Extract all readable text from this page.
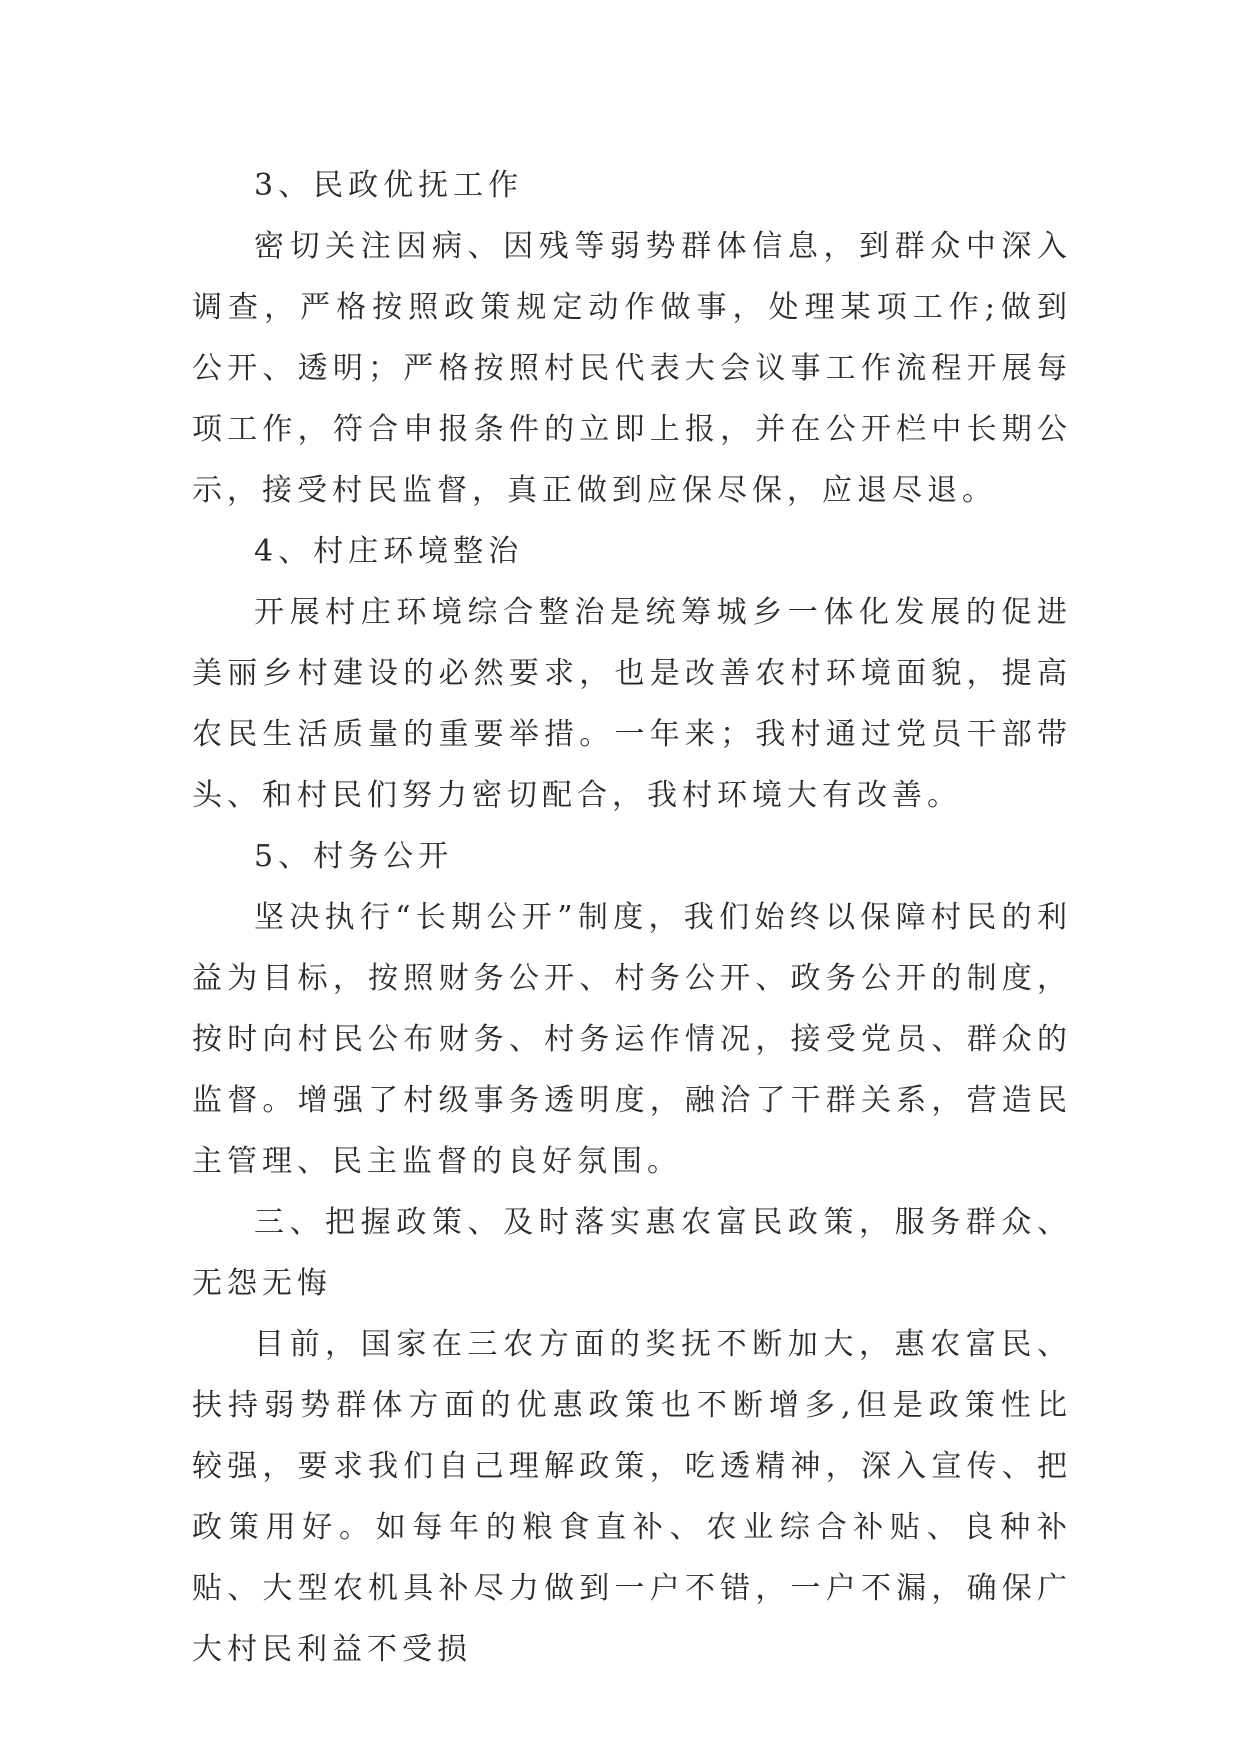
3、民政优抚工作

密切关注因病、因残等弱势群体信息，到群众中深入调查，严格按照政策规定动作做事，处理某项工作;做到公开、透明；严格按照村民代表大会议事工作流程开展每项工作，符合申报条件的立即上报，并在公开栏中长期公示，接受村民监督，真正做到应保尽保，应退尽退。

4、村庄环境整治

开展村庄环境综合整治是统筹城乡一体化发展的促进美丽乡村建设的必然要求，也是改善农村环境面貌，提高农民生活质量的重要举措。一年来；我村通过党员干部带头、和村民们努力密切配合，我村环境大有改善。

5、村务公开

坚决执行“长期公开”制度，我们始终以保障村民的利益为目标，按照财务公开、村务公开、政务公开的制度，按时向村民公布财务、村务运作情况，接受党员、群众的监督。增强了村级事务透明度，融洽了干群关系，营造民主管理、民主监督的良好氛围。

三、把握政策、及时落实惠农富民政策，服务群众、无怨无悔

目前，国家在三农方面的奖抚不断加大，惠农富民、扶持弱势群体方面的优惠政策也不断增多,但是政策性比较强，要求我们自己理解政策，吃透精神，深入宣传、把政策用好。如每年的粮食直补、农业综合补贴、良种补贴、大型农机具补尽力做到一户不错，一户不漏，确保广大村民利益不受损
